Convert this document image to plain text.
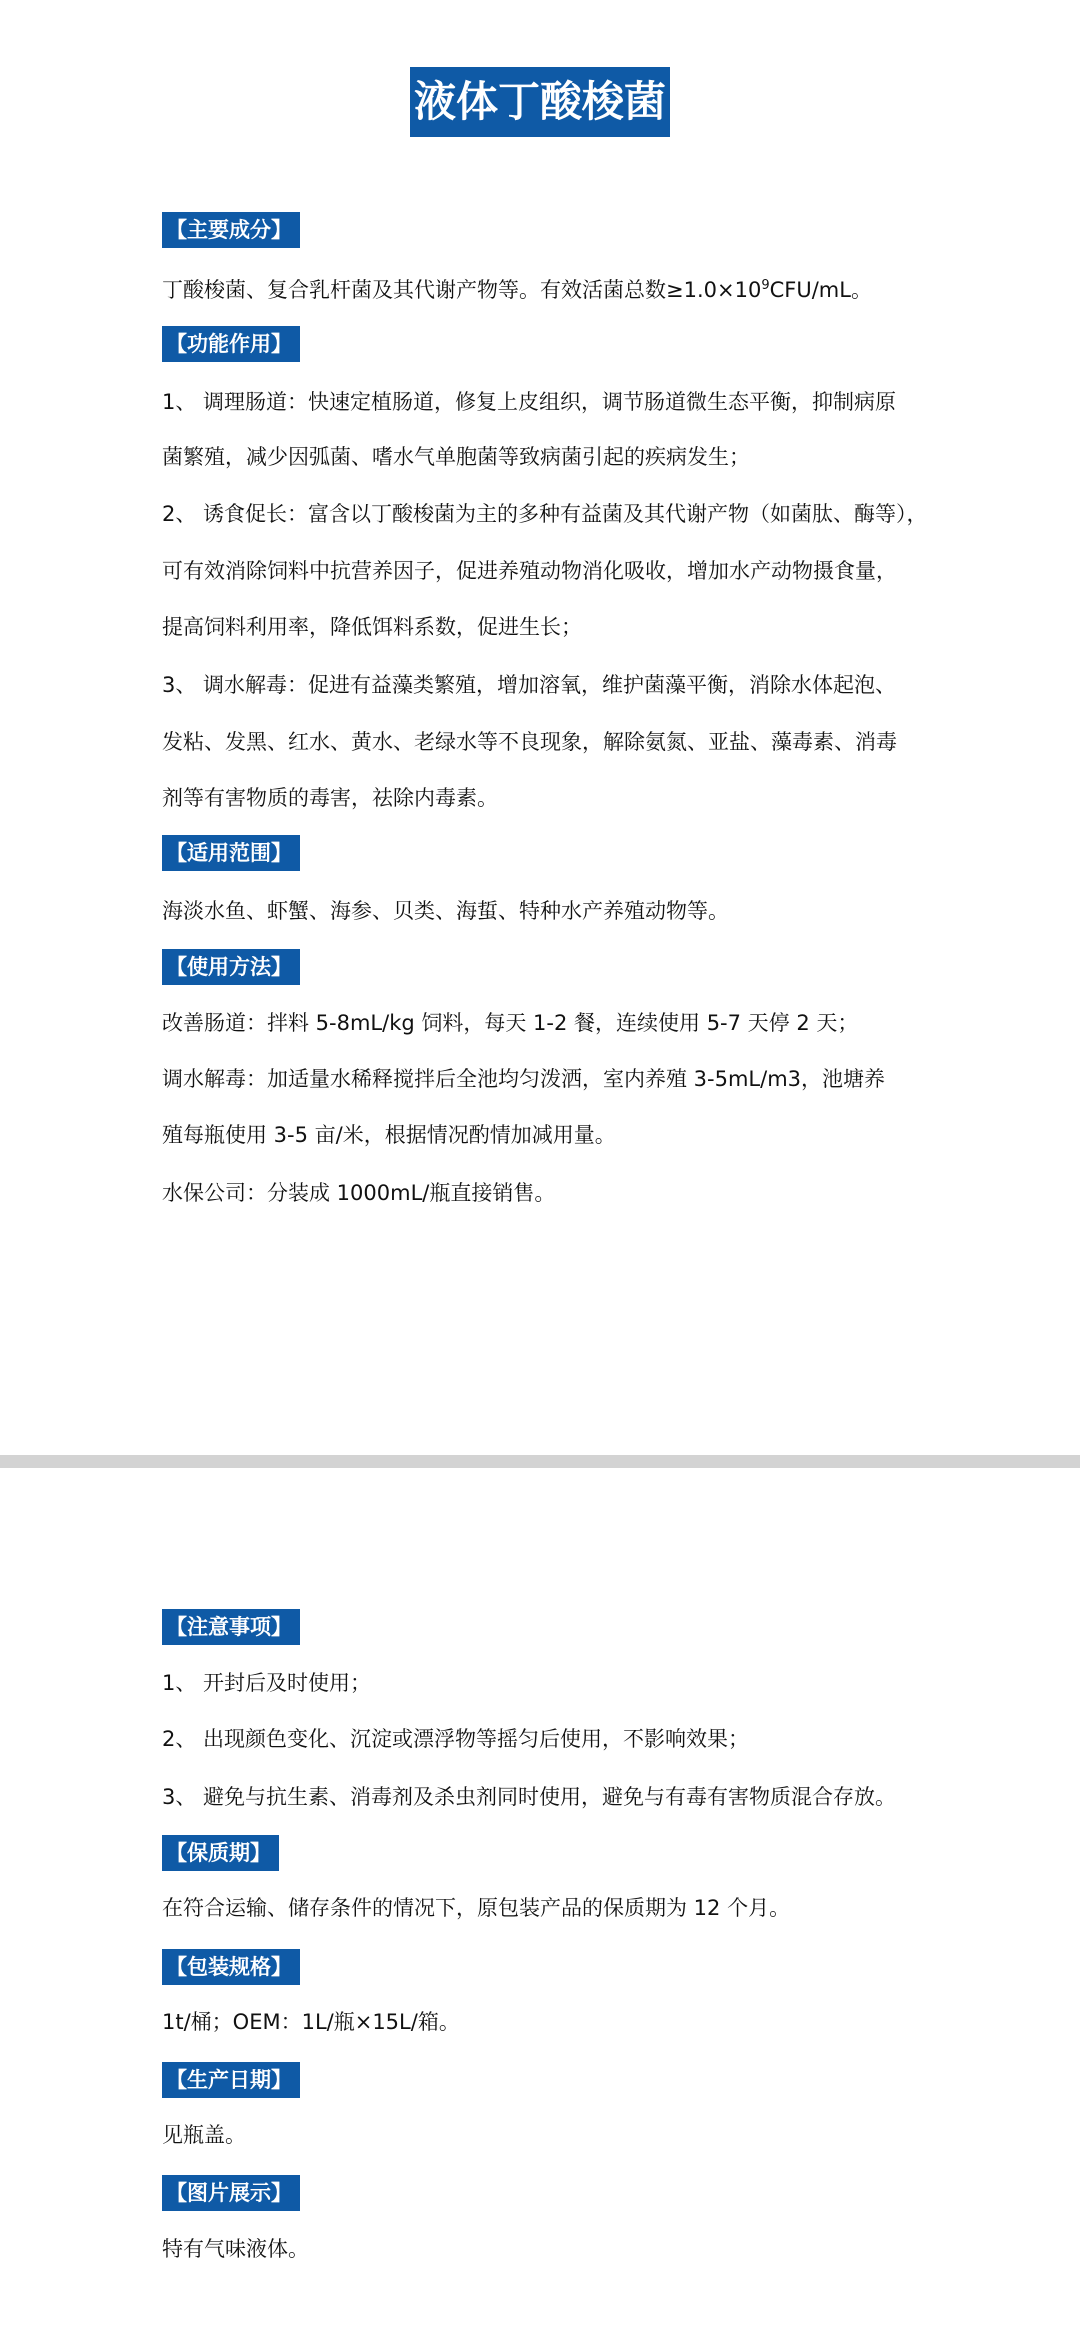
液体丁酸梭菌
【主要成分】
丁酸梭菌、复合乳杆菌及其代谢产物等。有效活菌总数$\ge 1.0\times 10^9CFU/mL$。
【功能作用】
1、 调理肠道：快速定植肠道，修复上皮组织，调节肠道微生态平衡，抑制病原
菌繁殖，减少因弧菌、嗜水气单胞菌等致病菌引起的疾病发生；
2、 诱食促长：富含以丁酸梭菌为主的多种有益菌及其代谢产物（如菌肽、酶等），
可有效消除饲料中抗营养因子，促进养殖动物消化吸收，增加水产动物摄食量，
提高饲料利用率，降低饵料系数，促进生长；
3、 调水解毒：促进有益藻类繁殖，增加溶氧，维护菌藻平衡，消除水体起泡、
发粘、发黑、红水、黄水、老绿水等不良现象，解除氨氮、亚盐、藻毒素、消毒
剂等有害物质的毒害，祛除内毒素。
【适用范围】
海淡水鱼、虾蟹、海参、贝类、海蜇、特种水产养殖动物等。
【使用方法】
改善肠道：拌料 5-8mL/kg 饲料，每天 1-2 餐，连续使用 5-7 天停 2 天；
调水解毒：加适量水稀释搅拌后全池均匀泼洒，室内养殖 3-5mL/m3，池塘养
殖每瓶使用 3-5 亩/米，根据情况酌情加减用量。
水保公司：分装成 1000mL/瓶直接销售。
【注意事项】
1、 开封后及时使用；
2、 出现颜色变化、沉淀或漂浮物等摇匀后使用，不影响效果；
3、 避免与抗生素、消毒剂及杀虫剂同时使用，避免与有毒有害物质混合存放。
【保质期】
在符合运输、储存条件的情况下，原包装产品的保质期为 12 个月。
【包装规格】
1t/桶；OEM：1L/瓶×15L/箱。
【生产日期】
见瓶盖。
【图片展示】
特有气味液体。
